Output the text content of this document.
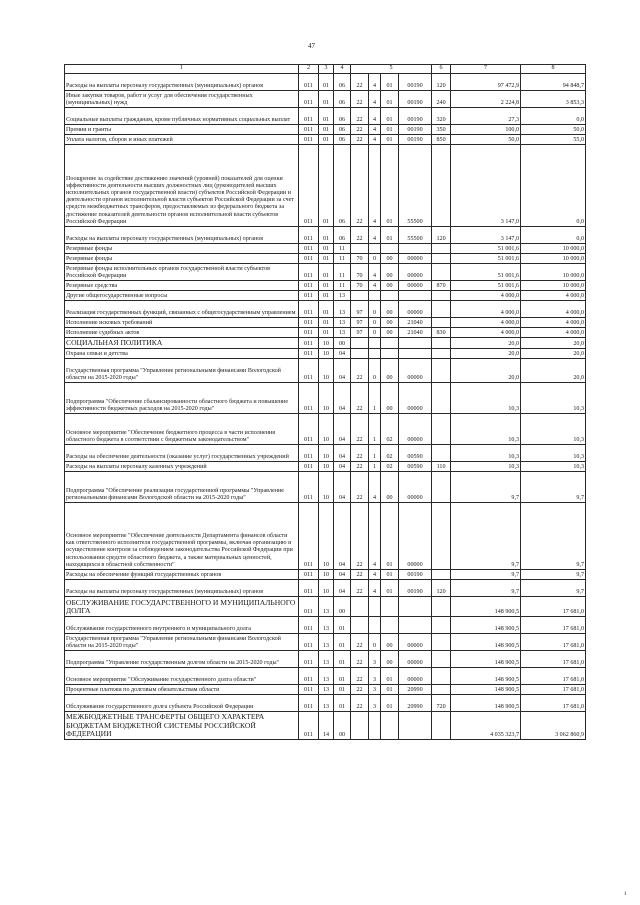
47
1	2	3	4	5				6	7	8
Расходы на выплаты персоналу государственных (муниципальных) органов	011	01	06	22	4	01	00190	120	97 472,9	94 848,7
Иные закупки товаров, работ и услуг для обеспечения государственных (муниципальных) нужд	011	01	06	22	4	01	00190	240	2 224,8	3 853,3
Социальные выплаты гражданам, кроме публичных нормативных социальных выплат	011	01	06	22	4	01	00190	320	27,3	0,0
Премии и гранты	011	01	06	22	4	01	00190	350	100,0	50,0
Уплата налогов, сборов и иных платежей	011	01	06	22	4	01	00190	850	50,0	55,0
Поощрение за содействие достижению значений (уровней) показателей для оценки эффективности деятельности высших должностных лиц (руководителей высших исполнительных органов государственной власти) субъектов Российской Федерации и деятельности органов исполнительной власти субъектов Российской Федерации за счет средств межбюджетных трансферов, предоставляемых из федерального бюджета за достижение показателей деятельности органов исполнительной власти субъектов Российской Федерации	011	01	06	22	4	01	55500		3 147,0	0,0
Расходы на выплаты персоналу государственных (муниципальных) органов	011	01	06	22	4	01	55500	120	3 147,0	0,0
Резервные фонды	011	01	11						51 001,6	10 000,0
Резервные фонды	011	01	11	70	0	00	00000		51 001,6	10 000,0
Резервные фонды исполнительных органов государственной власти субъектов Российской Федерации	011	01	11	70	4	00	00000		51 001,6	10 000,0
Резервные средства	011	01	11	70	4	00	00000	870	51 001,6	10 000,0
Другие общегосударственные вопросы	011	01	13						4 000,0	4 000,0
Реализация государственных функций, связанных с общегосударственным управлением	011	01	13	97	0	00	00000		4 000,0	4 000,0
Исполнение исковых требований	011	01	13	97	0	00	21040		4 000,0	4 000,0
Исполнение судебных актов	011	01	13	97	0	00	21040	830	4 000,0	4 000,0
СОЦИАЛЬНАЯ ПОЛИТИКА	011	10	00						20,0	20,0
Охрана семьи и детства	011	10	04						20,0	20,0
Государственная программа "Управление региональными финансами Вологодской области на 2015-2020 годы"	011	10	04	22	0	00	00000		20,0	20,0
Подпрограмма "Обеспечение сбалансированности областного бюджета и повышение эффективности бюджетных расходов на 2015-2020 годы"	011	10	04	22	1	00	00000		10,3	10,3
Основное мероприятие "Обеспечение бюджетного процесса в части исполнения областного бюджета в соответствии с бюджетным законодательством"	011	10	04	22	1	02	00000		10,3	10,3
Расходы на обеспечение деятельности (оказание услуг) государственных учреждений	011	10	04	22	1	02	00590		10,3	10,3
Расходы на выплаты персоналу казенных учреждений	011	10	04	22	1	02	00590	110	10,3	10,3
Подпрограмма "Обеспечение реализации государственной программы "Управление региональными финансами Вологодской области на 2015-2020 годы"	011	10	04	22	4	00	00000		9,7	9,7
Основное мероприятие "Обеспечение деятельности Департамента финансов области как ответственного исполнителя государственной программы, включая организацию и осуществление контроля за соблюдением законодательства Российской Федерации при использовании средств областного бюджета, а также материальных ценностей, находящихся в областной собственности"	011	10	04	22	4	01	00000		9,7	9,7
Расходы на обеспечение функций государственных органов	011	10	04	22	4	01	00190		9,7	9,7
Расходы на выплаты персоналу государственных (муниципальных) органов	011	10	04	22	4	01	00190	120	9,7	9,7
ОБСЛУЖИВАНИЕ ГОСУДАРСТВЕННОГО И МУНИЦИПАЛЬНОГО ДОЛГА	011	13	00						148 900,5	17 681,0
Обслуживание государственного внутреннего и муниципального долга	011	13	01						148 900,5	17 681,0
Государственная программа "Управление региональными финансами Вологодской области на 2015-2020 годы"	011	13	01	22	0	00	00000		148 900,5	17 681,0
Подпрограмма "Управление государственным долгом области на 2015-2020 годы"	011	13	01	22	3	00	00000		148 900,5	17 681,0
Основное мероприятие "Обслуживание государственного долга области"	011	13	01	22	3	01	00000		148 900,5	17 681,0
Процентные платежи по долговым обязательствам области	011	13	01	22	3	01	20990		148 900,5	17 681,0
Обслуживание государственного долга субъекта Российской Федерации	011	13	01	22	3	01	20990	720	148 900,5	17 681,0
МЕЖБЮДЖЕТНЫЕ ТРАНСФЕРТЫ ОБЩЕГО ХАРАКТЕРА БЮДЖЕТАМ БЮДЖЕТНОЙ СИСТЕМЫ РОССИЙСКОЙ ФЕДЕРАЦИИ	011	14	00						4 035 323,7	3 062 860,9
i
